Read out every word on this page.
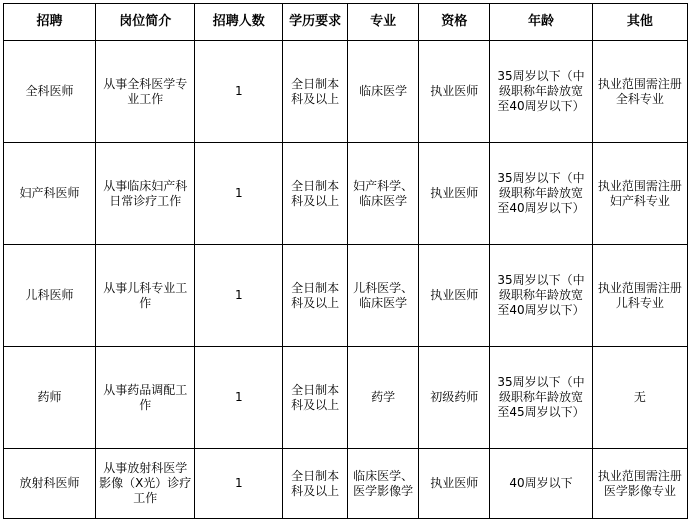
招聘	岗位简介	招聘人数	学历要求	专业	资格	年龄	其他
全科医师	从事全科医学专业工作	1	全日制本科及以上	临床医学	执业医师	35周岁以下（中级职称年龄放宽至40周岁以下）	执业范围需注册全科专业
妇产科医师	从事临床妇产科日常诊疗工作	1	全日制本科及以上	妇产科学、临床医学	执业医师	35周岁以下（中级职称年龄放宽至40周岁以下）	执业范围需注册妇产科专业
儿科医师	从事儿科专业工作	1	全日制本科及以上	儿科医学、临床医学	执业医师	35周岁以下（中级职称年龄放宽至40周岁以下）	执业范围需注册儿科专业
药师	从事药品调配工作	1	全日制本科及以上	药学	初级药师	35周岁以下（中级职称年龄放宽至45周岁以下）	无
放射科医师	从事放射科医学影像（X光）诊疗工作	1	全日制本科及以上	临床医学、医学影像学	执业医师	40周岁以下	执业范围需注册医学影像专业
